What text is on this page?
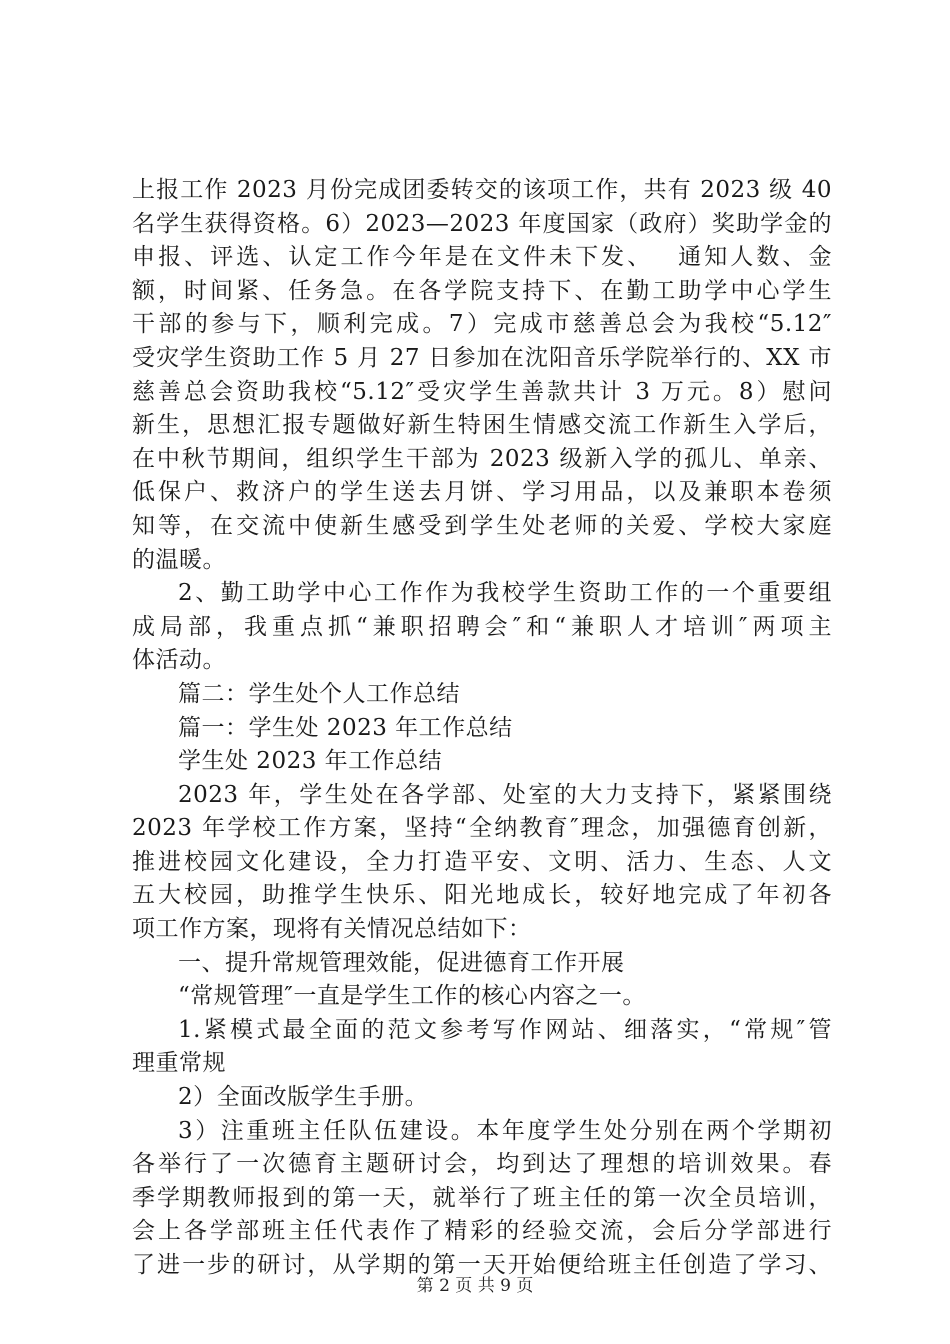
上报工作 2023 月份完成团委转交的该项工作，共有 2023 级 40
名学生获得资格。6）2023—2023 年度国家（政府）奖助学金的
申报、评选、认定工作今年是在文件未下发、　 通知人数、金
额，时间紧、任务急。在各学院支持下、在勤工助学中心学生
干部的参与下，顺利完成。7）完成市慈善总会为我校“5.12″
受灾学生资助工作 5 月 27 日参加在沈阳音乐学院举行的、XX 市
慈善总会资助我校“5.12″受灾学生善款共计 3 万元。8）慰问
新生，思想汇报专题做好新生特困生情感交流工作新生入学后，
在中秋节期间，组织学生干部为 2023 级新入学的孤儿、单亲、
低保户、救济户的学生送去月饼、学习用品，以及兼职本卷须
知等，在交流中使新生感受到学生处老师的关爱、学校大家庭
的温暖。
2、勤工助学中心工作作为我校学生资助工作的一个重要组
成局部，我重点抓“兼职招聘会″和“兼职人才培训″两项主
体活动。
篇二：学生处个人工作总结
篇一：学生处 2023 年工作总结
学生处 2023 年工作总结
2023 年，学生处在各学部、处室的大力支持下，紧紧围绕
2023 年学校工作方案，坚持“全纳教育″理念，加强德育创新，
推进校园文化建设，全力打造平安、文明、活力、生态、人文
五大校园，助推学生快乐、阳光地成长，较好地完成了年初各
项工作方案，现将有关情况总结如下：
一、提升常规管理效能，促进德育工作开展
“常规管理″一直是学生工作的核心内容之一。
1.紧模式最全面的范文参考写作网站、细落实，“常规″管
理重常规
2）全面改版学生手册。
3）注重班主任队伍建设。本年度学生处分别在两个学期初
各举行了一次德育主题研讨会，均到达了理想的培训效果。春
季学期教师报到的第一天，就举行了班主任的第一次全员培训，
会上各学部班主任代表作了精彩的经验交流，会后分学部进行
了进一步的研讨，从学期的第一天开始便给班主任创造了学习、
第 2 页 共 9 页
